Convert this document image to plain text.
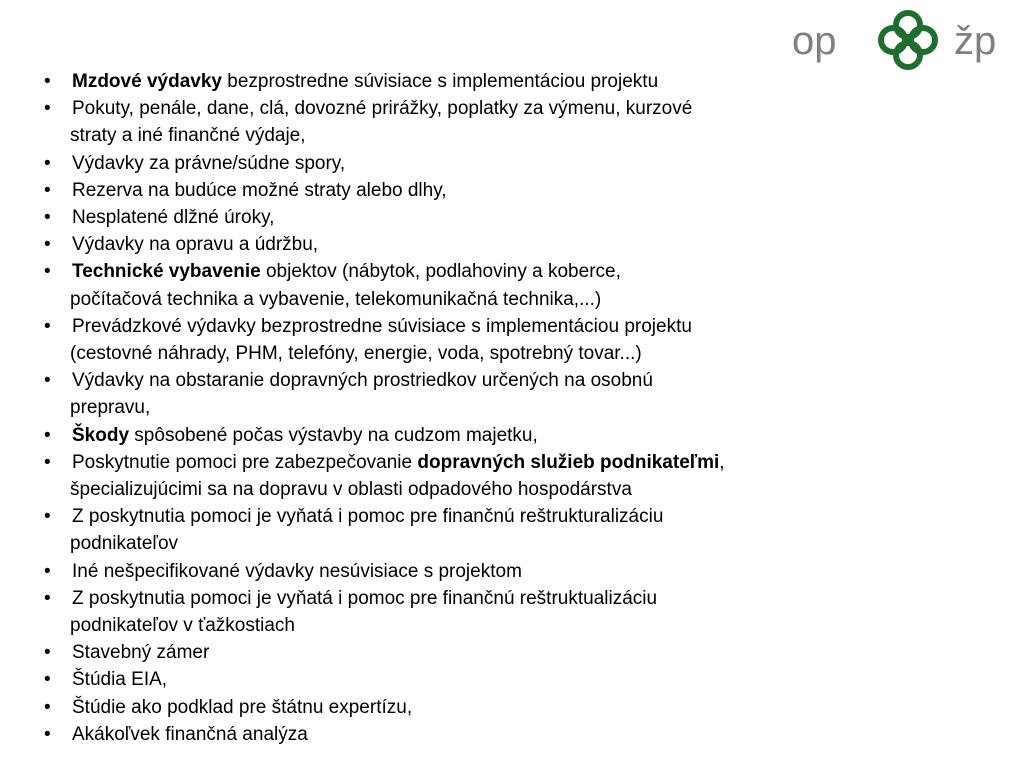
op	žp
•	Mzdové výdavky bezprostredne súvisiace s implementáciou projektu
•	Pokuty, penále, dane, clá, dovozné prirážky, poplatky za výmenu, kurzové
straty a iné finančné výdaje,
•	Výdavky za právne/súdne spory,
•	Rezerva na budúce možné straty alebo dlhy,
•	Nesplatené dlžné úroky,
•	Výdavky na opravu a údržbu,
•	Technické vybavenie objektov (nábytok, podlahoviny a koberce,
počítačová technika a vybavenie, telekomunikačná technika,...)
•	Prevádzkové výdavky bezprostredne súvisiace s implementáciou projektu
(cestovné náhrady, PHM, telefóny, energie, voda, spotrebný tovar...)
•	Výdavky na obstaranie dopravných prostriedkov určených na osobnú
prepravu,
•	Škody spôsobené počas výstavby na cudzom majetku,
•	Poskytnutie pomoci pre zabezpečovanie dopravných služieb podnikateľmi,
špecializujúcimi sa na dopravu v oblasti odpadového hospodárstva
•	Z poskytnutia pomoci je vyňatá i pomoc pre finančnú reštrukturalizáciu
podnikateľov
•	Iné nešpecifikované výdavky nesúvisiace s projektom
•	Z poskytnutia pomoci je vyňatá i pomoc pre finančnú reštruktualizáciu
podnikateľov v ťažkostiach
•	Stavebný zámer
•	Štúdia EIA,
•	Štúdie ako podklad pre štátnu expertízu,
•	Akákoľvek finančná analýza
